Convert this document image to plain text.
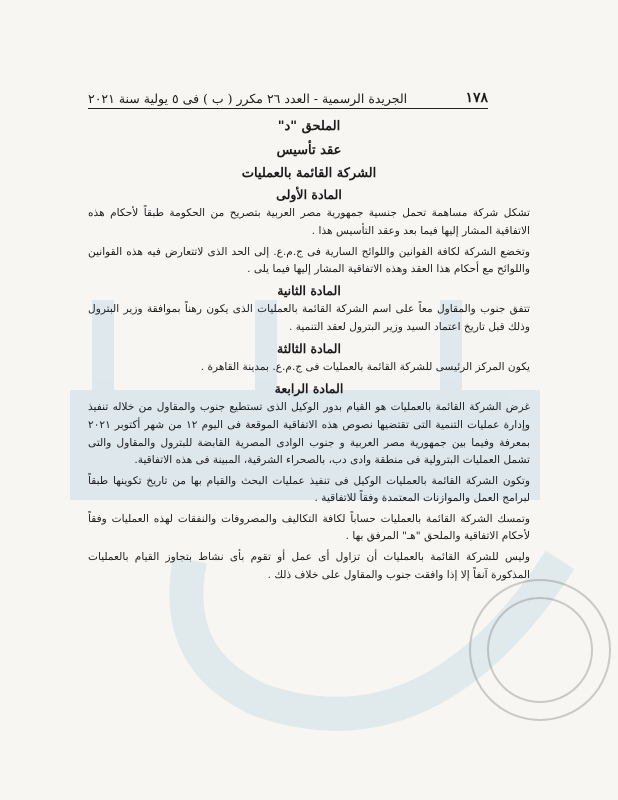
١٧٨
الجريدة الرسمية - العدد ٢٦ مكرر ( ب ) فى ٥ يولية سنة ٢٠٢١
الملحق "د"
عقد تأسيس
الشركة القائمة بالعمليات
المادة الأولى

تشكل شركة مساهمة تحمل جنسية جمهورية مصر العربية بتصريح من الحكومة طبقاً لأحكام هذه الاتفاقية المشار إليها فيما بعد وعقد التأسيس هذا .

وتخضع الشركة لكافة القوانين واللوائح السارية فى ج.م.ع. إلى الحد الذى لاتتعارض فيه هذه القوانين واللوائح مع أحكام هذا العقد وهذه الاتفاقية المشار إليها فيما يلى .

المادة الثانية

تتفق جنوب والمقاول معاً على اسم الشركة القائمة بالعمليات الذى يكون رهناً بموافقة وزير البترول وذلك قبل تاريخ اعتماد السيد وزير البترول لعقد التنمية .

المادة الثالثة

يكون المركز الرئيسى للشركة القائمة بالعمليات فى ج.م.ع. بمدينة القاهرة .

المادة الرابعة

غرض الشركة القائمة بالعمليات هو القيام بدور الوكيل الذى تستطيع جنوب والمقاول من خلاله تنفيذ وإدارة عمليات التنمية التى تقتضيها نصوص هذه الاتفاقية الموقعة فى اليوم ١٢ من شهر أكتوبر ٢٠٢١ بمعرفة وفيما بين جمهورية مصر العربية و جنوب الوادى المصرية القابضة للبترول والمقاول والتى تشمل العمليات البترولية فى منطقة وادى دب، بالصحراء الشرقية، المبينة فى هذه الاتفاقية.

وتكون الشركة القائمة بالعمليات الوكيل فى تنفيذ عمليات البحث والقيام بها من تاريخ تكوينها طبقاً لبرامج العمل والموازنات المعتمدة وفقاً للاتفاقية .

وتمسك الشركة القائمة بالعمليات حساباً لكافة التكاليف والمصروفات والنفقات لهذه العمليات وفقاً لأحكام الاتفاقية والملحق "هـ" المرفق بها .

وليس للشركة القائمة بالعمليات أن تزاول أى عمل أو تقوم بأى نشاط بتجاوز القيام بالعمليات المذكورة آنفاً إلا إذا وافقت جنوب والمقاول على خلاف ذلك .
